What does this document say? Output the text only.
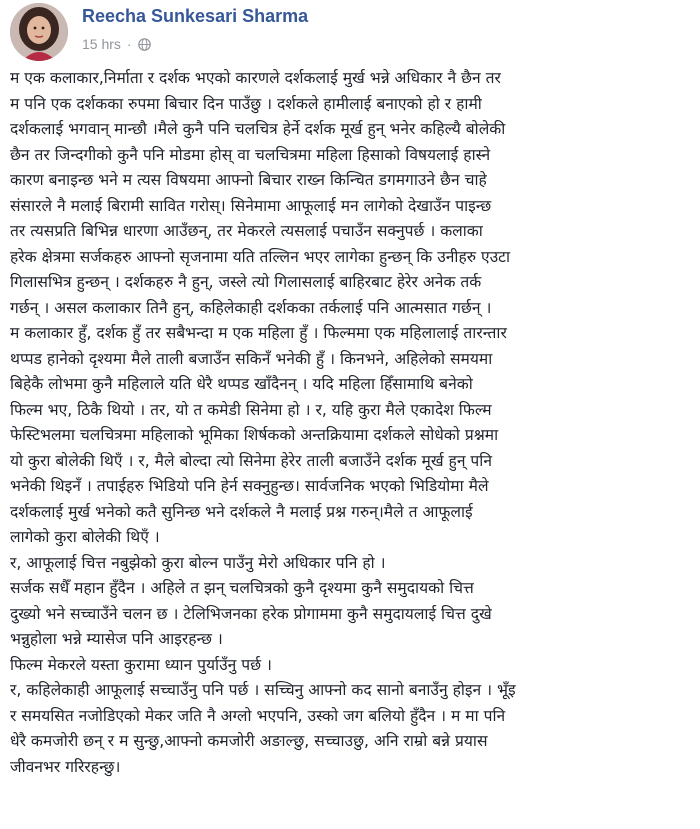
Reecha Sunkesari Sharma
15 hrs ·

म एक कलाकार,निर्माता र दर्शक भएको कारणले दर्शकलाई मुर्ख भन्ने अधिकार नै छैन तर

म पनि एक दर्शकका रुपमा बिचार दिन पाउँछु । दर्शकले हामीलाई बनाएको हो र हामी

दर्शकलाई भगवान् मान्छौ ।मैले कुनै पनि चलचित्र हेर्ने दर्शक मूर्ख हुन् भनेर कहिल्यै बोलेकी

छैन तर जिन्दगीको कुनै पनि मोडमा होस् वा चलचित्रमा महिला हिसाको विषयलाई हास्ने

कारण बनाइन्छ भने म त्यस विषयमा आफ्नो बिचार राख्न किन्चित डगमगाउने छैन चाहे

संसारले नै मलाई बिरामी सावित गरोस्। सिनेमामा आफूलाई मन लागेको देखाउँन पाइन्छ

तर त्यसप्रति बिभिन्न धारणा आउँछन्, तर मेकरले त्यसलाई पचाउँन सक्नुपर्छ । कलाका

हरेक क्षेत्रमा सर्जकहरु आफ्नो सृजनामा यति तल्लिन भएर लागेका हुन्छन् कि उनीहरु एउटा

गिलासभित्र हुन्छन् । दर्शकहरु नै हुन्, जस्ले त्यो गिलासलाई बाहिरबाट हेरेर अनेक तर्क

गर्छन् । असल कलाकार तिनै हुन्, कहिलेकाही दर्शकका तर्कलाई पनि आत्मसात गर्छन् ।

म कलाकार हुँ, दर्शक हुँ तर सबैभन्दा म एक महिला हुँ । फिल्ममा एक महिलालाई तारन्तार

थप्पड हानेको दृश्यमा मैले ताली बजाउँन सकिनँ भनेकी हुँ । किनभने, अहिलेको समयमा

बिहेकै लोभमा कुनै महिलाले यति धेरै थप्पड खाँदैनन् । यदि महिला हिँसामाथि बनेको

फिल्म भए, ठिकै थियो । तर, यो त कमेडी सिनेमा हो । र, यहि कुरा मैले एकादेश फिल्म

फेस्टिभलमा चलचित्रमा महिलाको भूमिका शिर्षकको अन्तक्रियामा दर्शकले सोधेको प्रश्नमा

यो कुरा बोलेकी थिएँ । र, मैले बोल्दा त्यो सिनेमा हेरेर ताली बजाउँने दर्शक मूर्ख हुन् पनि

भनेकी थिइनँ । तपाईहरु भिडियो पनि हेर्न सक्नुहुन्छ। सार्वजनिक भएको भिडियोमा मैले

दर्शकलाई मुर्ख भनेको कतै सुनिन्छ भने दर्शकले नै मलाई प्रश्न गरुन्।मैले त आफूलाई

लागेको कुरा बोलेकी थिएँ ।

र, आफूलाई चित्त नबुझेको कुरा बोल्न पाउँनु मेरो अधिकार पनि हो ।

सर्जक सधैँ महान हुँदैन । अहिले त झन् चलचित्रको कुनै दृश्यमा कुनै समुदायको चित्त

दुख्यो भने सच्चाउँने चलन छ । टेलिभिजनका हरेक प्रोगाममा कुनै समुदायलाई चित्त दुखे

भन्नुहोला भन्ने म्यासेज पनि आइरहन्छ ।

फिल्म मेकरले यस्ता कुरामा ध्यान पुर्याउँनु पर्छ ।

र, कहिलेकाही आफूलाई सच्चाउँनु पनि पर्छ । सच्चिनु आफ्नो कद सानो बनाउँनु होइन । भूँइ

र समयसित नजोडिएको मेकर जति नै अग्लो भएपनि, उस्को जग बलियो हुँदैन । म मा पनि

धेरै कमजोरी छन् र म सुन्छु,आफ्नो कमजोरी अङाल्छु, सच्चाउछु, अनि राम्रो बन्ने प्रयास

जीवनभर गरिरहन्छु।
